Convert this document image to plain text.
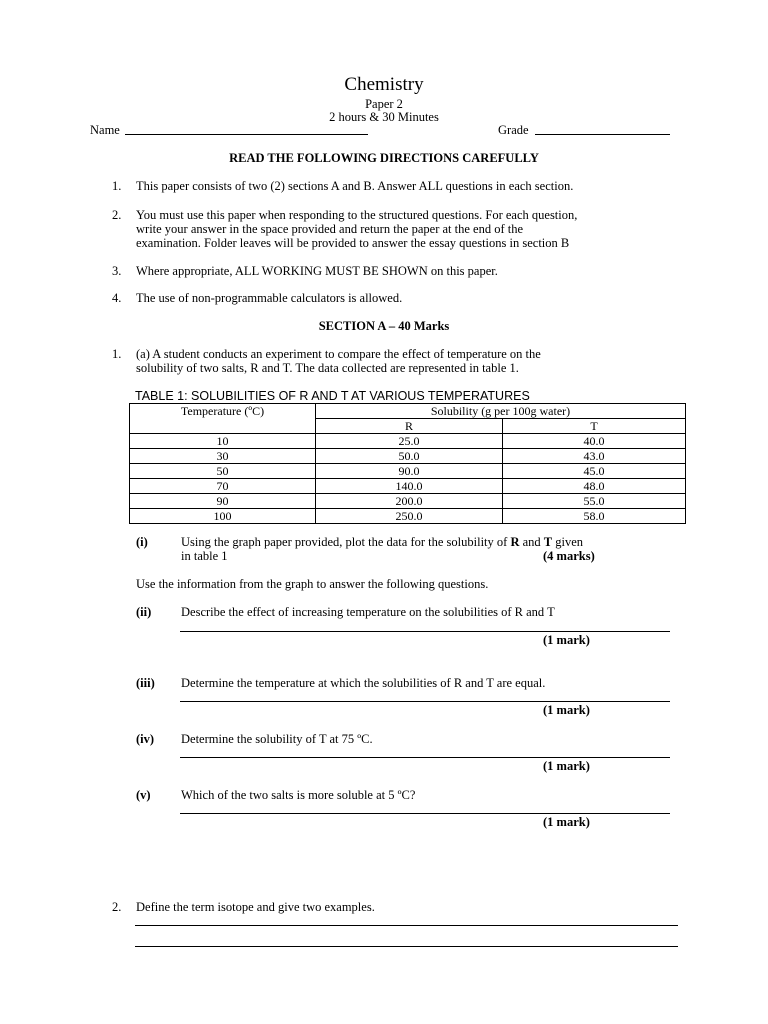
Chemistry
Paper 2
2 hours & 30 Minutes
Name	Grade
READ THE FOLLOWING DIRECTIONS CAREFULLY
1. This paper consists of two (2) sections A and B. Answer ALL questions in each section.
2. You must use this paper when responding to the structured questions. For each question,
write your answer in the space provided and return the paper at the end of the
examination. Folder leaves will be provided to answer the essay questions in section B
3. Where appropriate, ALL WORKING MUST BE SHOWN on this paper.
4. The use of non-programmable calculators is allowed.
SECTION A – 40 Marks
1. (a) A student conducts an experiment to compare the effect of temperature on the
solubility of two salts, R and T. The data collected are represented in table 1.
TABLE 1: SOLUBILITIES OF R AND T AT VARIOUS TEMPERATURES
Temperature (ºC)	Solubility (g per 100g water)	
	R	T
10	25.0	40.0
30	50.0	43.0
50	90.0	45.0
70	140.0	48.0
90	200.0	55.0
100	250.0	58.0
(i)	Using the graph paper provided, plot the data for the solubility of R and T given
in table 1	(4 marks)
Use the information from the graph to answer the following questions.
(ii) Describe the effect of increasing temperature on the solubilities of R and T
(1 mark)
(iii) Determine the temperature at which the solubilities of R and T are equal.
(1 mark)
(iv) Determine the solubility of T at 75 ºC.
(1 mark)
(v) Which of the two salts is more soluble at 5 ºC?
(1 mark)
2. Define the term isotope and give two examples.
